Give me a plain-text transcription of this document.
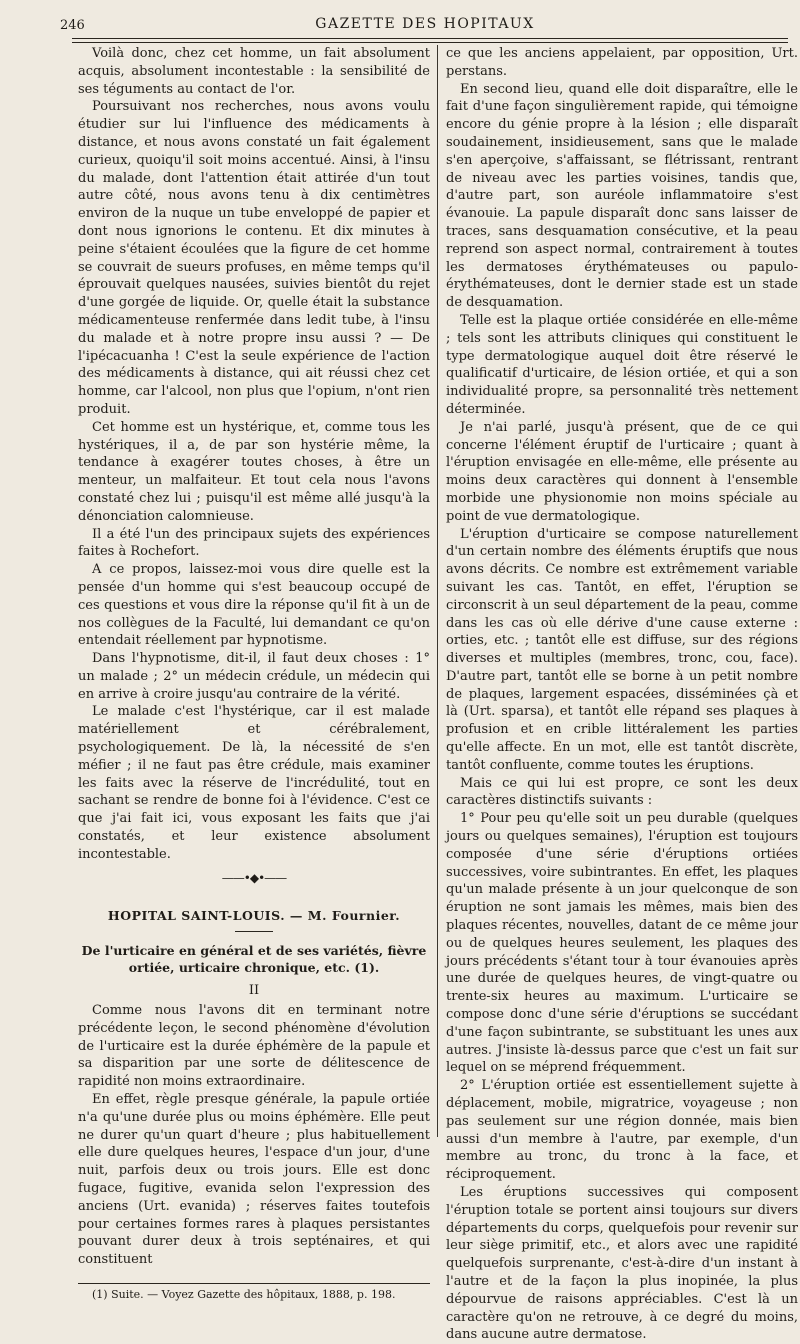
246	GAZETTE DES HOPITAUX

Voilà donc, chez cet homme, un fait absolument acquis, absolument incontestable : la sensibilité de ses téguments au contact de l'or.

Poursuivant nos recherches, nous avons voulu étudier sur lui l'influence des médicaments à distance, et nous avons constaté un fait également curieux, quoiqu'il soit moins accentué. Ainsi, à l'insu du malade, dont l'attention était attirée d'un tout autre côté, nous avons tenu à dix centimètres environ de la nuque un tube enveloppé de papier et dont nous ignorions le contenu. Et dix minutes à peine s'étaient écoulées que la figure de cet homme se couvrait de sueurs profuses, en même temps qu'il éprouvait quelques nausées, suivies bientôt du rejet d'une gorgée de liquide. Or, quelle était la substance médicamenteuse renfermée dans ledit tube, à l'insu du malade et à notre propre insu aussi ? — De l'ipécacuanha ! C'est la seule expérience de l'action des médicaments à distance, qui ait réussi chez cet homme, car l'alcool, non plus que l'opium, n'ont rien produit.

Cet homme est un hystérique, et, comme tous les hystériques, il a, de par son hystérie même, la tendance à exagérer toutes choses, à être un menteur, un malfaiteur. Et tout cela nous l'avons constaté chez lui ; puisqu'il est même allé jusqu'à la dénonciation calomnieuse.

Il a été l'un des principaux sujets des expériences faites à Rochefort.

A ce propos, laissez-moi vous dire quelle est la pensée d'un homme qui s'est beaucoup occupé de ces questions et vous dire la réponse qu'il fit à un de nos collègues de la Faculté, lui demandant ce qu'on entendait réellement par hypnotisme.

Dans l'hypnotisme, dit-il, il faut deux choses : 1° un malade ; 2° un médecin crédule, un médecin qui en arrive à croire jusqu'au contraire de la vérité.

Le malade c'est l'hystérique, car il est malade matériellement et cérébralement, psychologiquement. De là, la nécessité de s'en méfier ; il ne faut pas être crédule, mais examiner les faits avec la réserve de l'incrédulité, tout en sachant se rendre de bonne foi à l'évidence. C'est ce que j'ai fait ici, vous exposant les faits que j'ai constatés, et leur existence absolument incontestable.

——•◆•——
HOPITAL SAINT-LOUIS. — M. Fournier.
De l'urticaire en général et de ses variétés, fièvre ortiée, urticaire chronique, etc. (1).
II

Comme nous l'avons dit en terminant notre précédente leçon, le second phénomène d'évolution de l'urticaire est la durée éphémère de la papule et sa disparition par une sorte de délitescence de rapidité non moins extraordinaire.

En effet, règle presque générale, la papule ortiée n'a qu'une durée plus ou moins éphémère. Elle peut ne durer qu'un quart d'heure ; plus habituellement elle dure quelques heures, l'espace d'un jour, d'une nuit, parfois deux ou trois jours. Elle est donc fugace, fugitive, evanida selon l'expression des anciens (Urt. evanida) ; réserves faites toutefois pour certaines formes rares à plaques persistantes pouvant durer deux à trois septénaires, et qui constituent

(1) Suite. — Voyez Gazette des hôpitaux, 1888, p. 198.

ce que les anciens appelaient, par opposition, Urt. perstans.

En second lieu, quand elle doit disparaître, elle le fait d'une façon singulièrement rapide, qui témoigne encore du génie propre à la lésion ; elle disparaît soudainement, insidieusement, sans que le malade s'en aperçoive, s'affaissant, se flétrissant, rentrant de niveau avec les parties voisines, tandis que, d'autre part, son auréole inflammatoire s'est évanouie. La papule disparaît donc sans laisser de traces, sans desquamation consécutive, et la peau reprend son aspect normal, contrairement à toutes les dermatoses érythémateuses ou papulo-érythémateuses, dont le dernier stade est un stade de desquamation.

Telle est la plaque ortiée considérée en elle-même ; tels sont les attributs cliniques qui constituent le type dermatologique auquel doit être réservé le qualificatif d'urticaire, de lésion ortiée, et qui a son individualité propre, sa personnalité très nettement déterminée.

Je n'ai parlé, jusqu'à présent, que de ce qui concerne l'élément éruptif de l'urticaire ; quant à l'éruption envisagée en elle-même, elle présente au moins deux caractères qui donnent à l'ensemble morbide une physionomie non moins spéciale au point de vue dermatologique.

L'éruption d'urticaire se compose naturellement d'un certain nombre des éléments éruptifs que nous avons décrits. Ce nombre est extrêmement variable suivant les cas. Tantôt, en effet, l'éruption se circonscrit à un seul département de la peau, comme dans les cas où elle dérive d'une cause externe : orties, etc. ; tantôt elle est diffuse, sur des régions diverses et multiples (membres, tronc, cou, face). D'autre part, tantôt elle se borne à un petit nombre de plaques, largement espacées, disséminées çà et là (Urt. sparsa), et tantôt elle répand ses plaques à profusion et en crible littéralement les parties qu'elle affecte. En un mot, elle est tantôt discrète, tantôt confluente, comme toutes les éruptions.

Mais ce qui lui est propre, ce sont les deux caractères distinctifs suivants :

1° Pour peu qu'elle soit un peu durable (quelques jours ou quelques semaines), l'éruption est toujours composée d'une série d'éruptions ortiées successives, voire subintrantes. En effet, les plaques qu'un malade présente à un jour quelconque de son éruption ne sont jamais les mêmes, mais bien des plaques récentes, nouvelles, datant de ce même jour ou de quelques heures seulement, les plaques des jours précédents s'étant tour à tour évanouies après une durée de quelques heures, de vingt-quatre ou trente-six heures au maximum. L'urticaire se compose donc d'une série d'éruptions se succédant d'une façon subintrante, se substituant les unes aux autres. J'insiste là-dessus parce que c'est un fait sur lequel on se méprend fréquemment.

2° L'éruption ortiée est essentiellement sujette à déplacement, mobile, migratrice, voyageuse ; non pas seulement sur une région donnée, mais bien aussi d'un membre à l'autre, par exemple, d'un membre au tronc, du tronc à la face, et réciproquement.

Les éruptions successives qui composent l'éruption totale se portent ainsi toujours sur divers départements du corps, quelquefois pour revenir sur leur siège primitif, etc., et alors avec une rapidité quelquefois surprenante, c'est-à-dire d'un instant à l'autre et de la façon la plus inopinée, la plus dépourvue de raisons appréciables. C'est là un caractère qu'on ne retrouve, à ce degré du moins, dans aucune autre dermatose.
